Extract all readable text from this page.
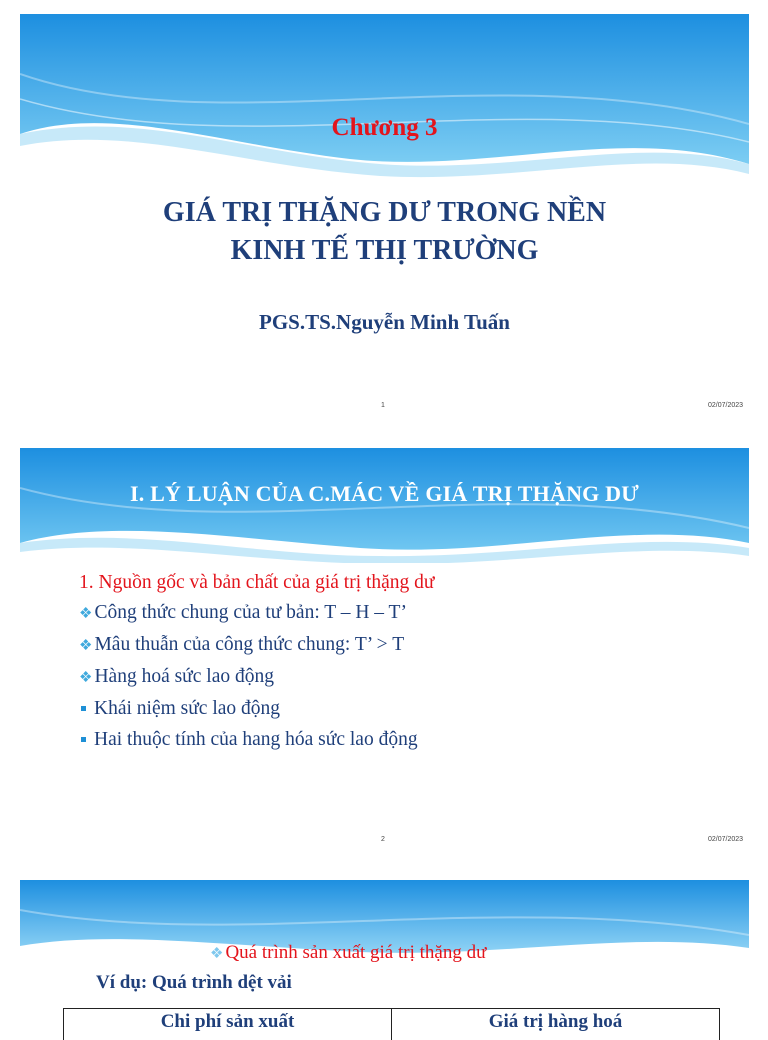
Chương 3
GIÁ TRỊ THẶNG DƯ TRONG NỀN
KINH TẾ THỊ TRƯỜNG
PGS.TS.Nguyễn Minh Tuấn
1	02/07/2023
I. LÝ LUẬN CỦA C.MÁC VỀ GIÁ TRỊ THẶNG DƯ
1. Nguồn gốc và bản chất của giá trị thặng dư
❖ Công thức chung của tư bản: T – H – T’
❖ Mâu thuẫn của công thức chung: T’ > T
❖ Hàng hoá sức lao động
Khái niệm sức lao động
Hai thuộc tính của hang hóa sức lao động
2	02/07/2023
❖ Quá trình sản xuất giá trị thặng dư
Ví dụ: Quá trình dệt vải
Chi phí sản xuất	Giá trị hàng hoá
